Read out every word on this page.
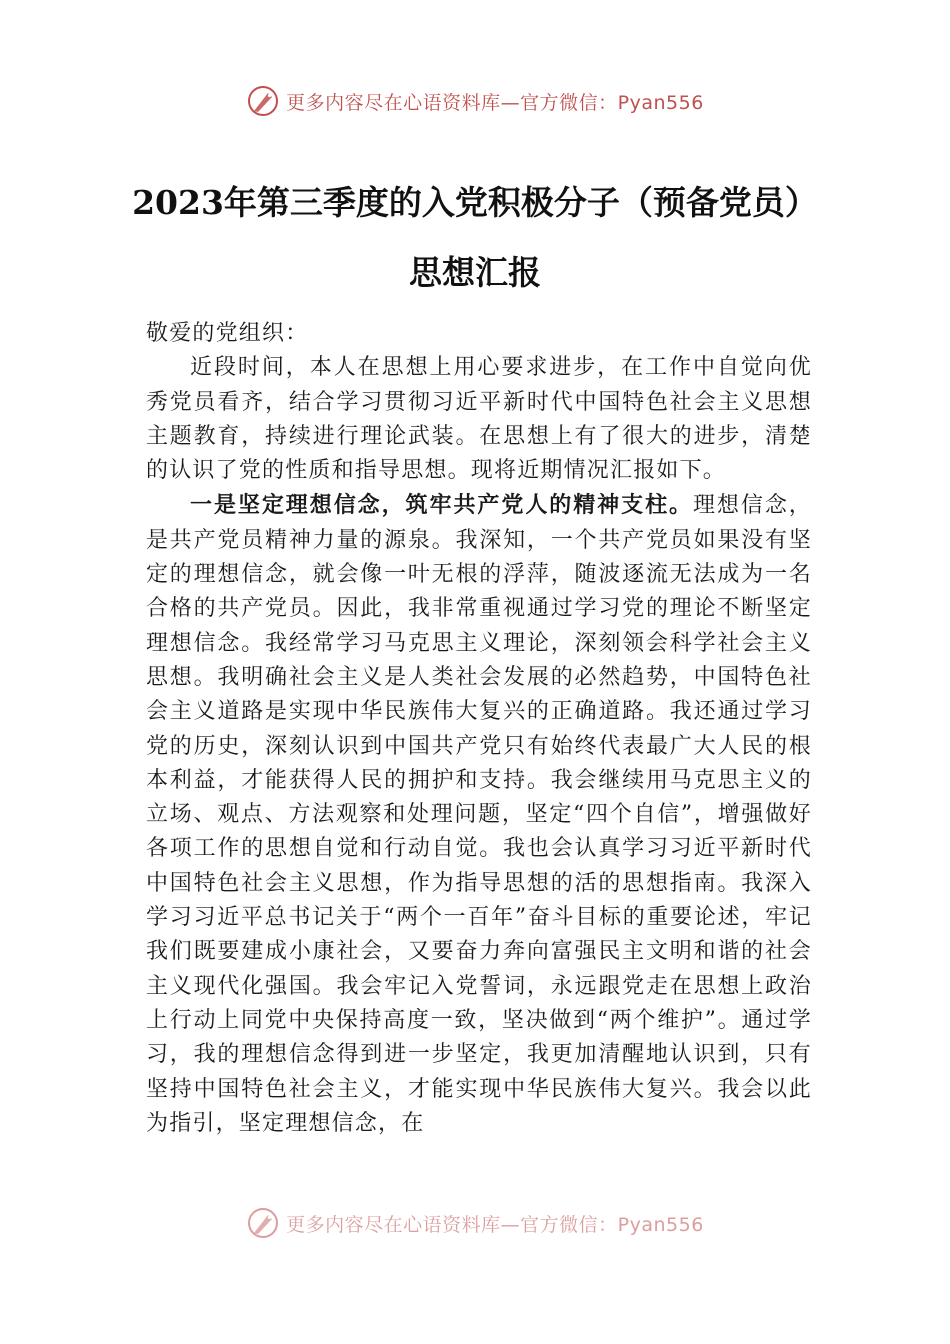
更多内容尽在心语资料库—官方微信：Pyan556
2023年第三季度的入党积极分子（预备党员）思想汇报

敬爱的党组织：

近段时间，本人在思想上用心要求进步，在工作中自觉向优秀党员看齐，结合学习贯彻习近平新时代中国特色社会主义思想主题教育，持续进行理论武装。在思想上有了很大的进步，清楚的认识了党的性质和指导思想。现将近期情况汇报如下。

一是坚定理想信念，筑牢共产党人的精神支柱。理想信念，是共产党员精神力量的源泉。我深知，一个共产党员如果没有坚定的理想信念，就会像一叶无根的浮萍，随波逐流无法成为一名合格的共产党员。因此，我非常重视通过学习党的理论不断坚定理想信念。我经常学习马克思主义理论，深刻领会科学社会主义思想。我明确社会主义是人类社会发展的必然趋势，中国特色社会主义道路是实现中华民族伟大复兴的正确道路。我还通过学习党的历史，深刻认识到中国共产党只有始终代表最广大人民的根本利益，才能获得人民的拥护和支持。我会继续用马克思主义的立场、观点、方法观察和处理问题，坚定“四个自信”，增强做好各项工作的思想自觉和行动自觉。我也会认真学习习近平新时代中国特色社会主义思想，作为指导思想的活的思想指南。我深入学习习近平总书记关于“两个一百年”奋斗目标的重要论述，牢记我们既要建成小康社会，又要奋力奔向富强民主文明和谐的社会主义现代化强国。我会牢记入党誓词，永远跟党走在思想上政治上行动上同党中央保持高度一致，坚决做到“两个维护”。通过学习，我的理想信念得到进一步坚定，我更加清醒地认识到，只有坚持中国特色社会主义，才能实现中华民族伟大复兴。我会以此为指引，坚定理想信念，在

更多内容尽在心语资料库—官方微信：Pyan556
